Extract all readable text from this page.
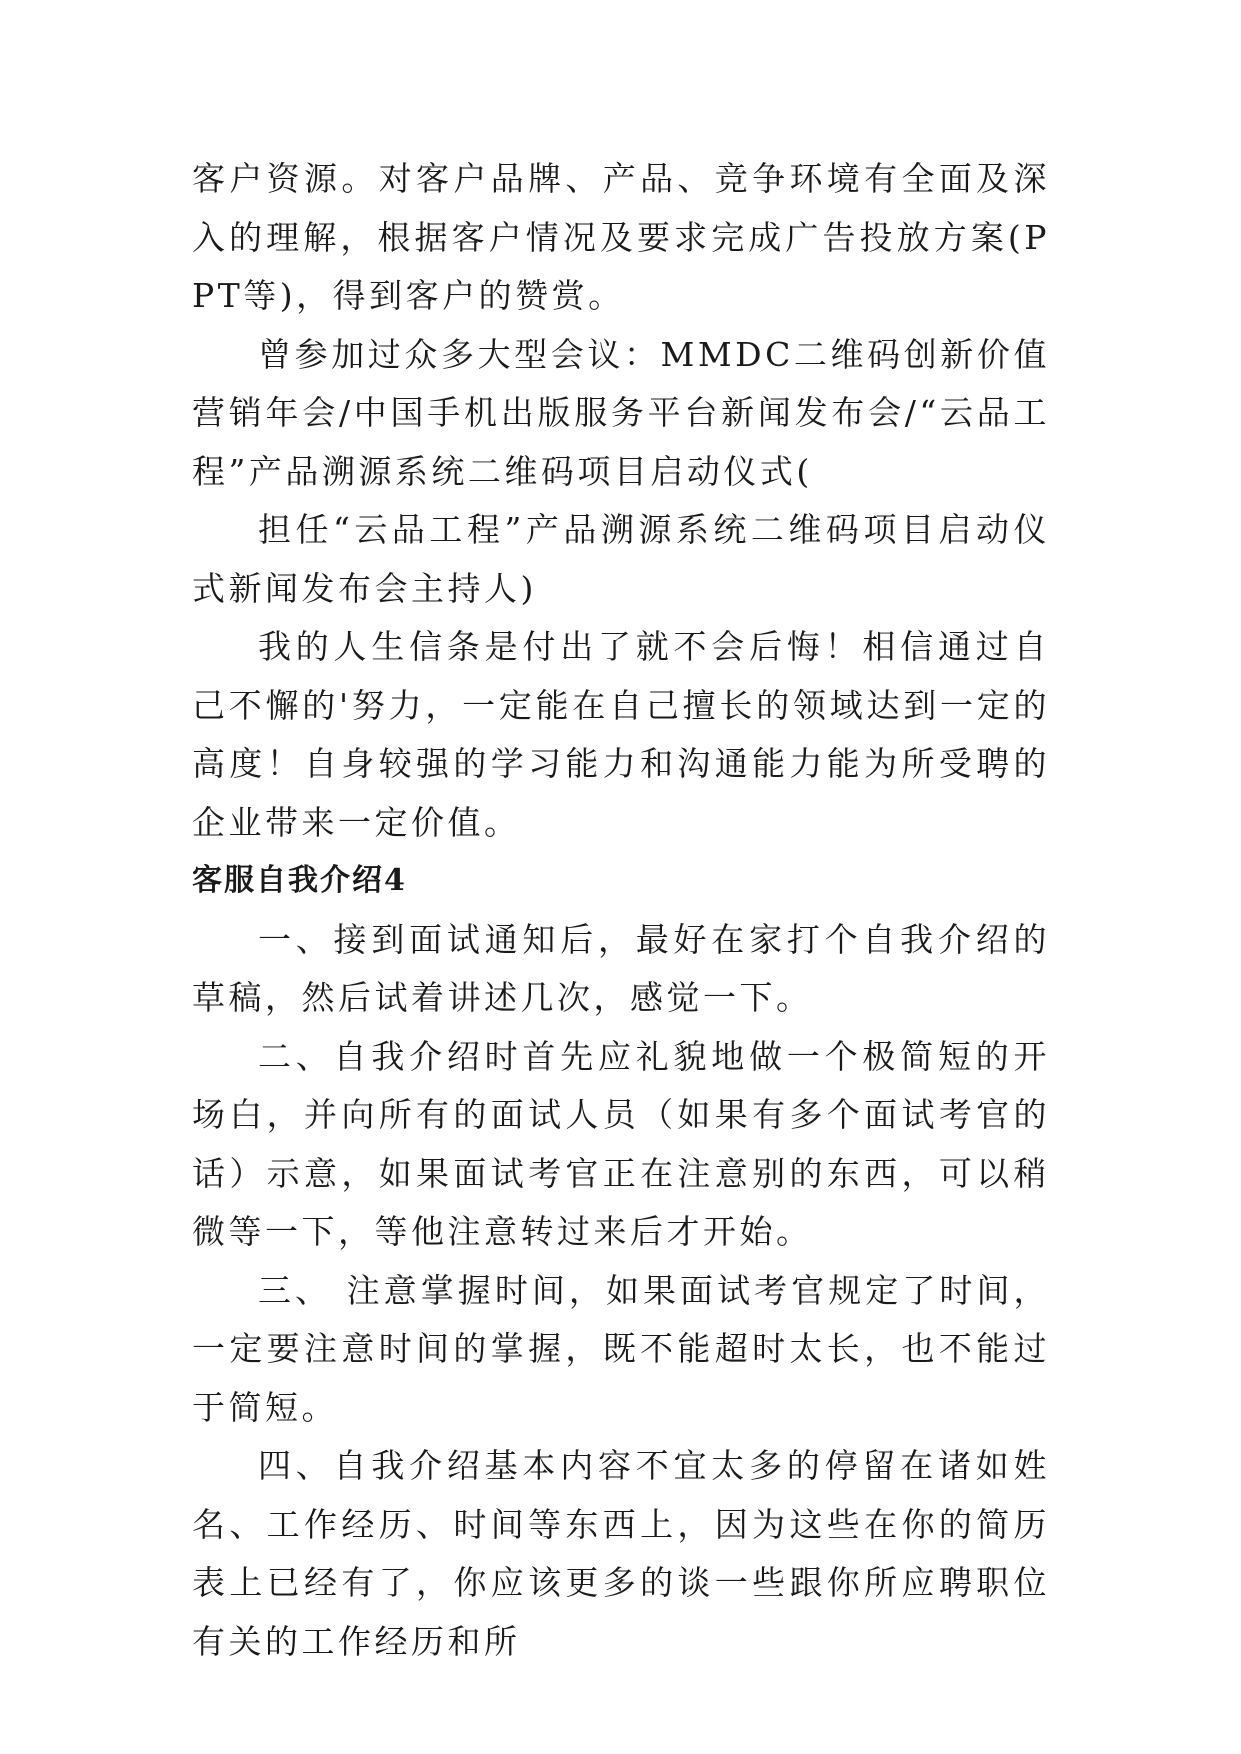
客户资源。对客户品牌、产品、竞争环境有全面及深入的理解，根据客户情况及要求完成广告投放方案(PPT等)，得到客户的赞赏。

曾参加过众多大型会议：MMDC二维码创新价值营销年会/中国手机出版服务平台新闻发布会/“云品工程”产品溯源系统二维码项目启动仪式(

担任“云品工程”产品溯源系统二维码项目启动仪式新闻发布会主持人)

我的人生信条是付出了就不会后悔！相信通过自己不懈的'努力，一定能在自己擅长的领域达到一定的高度！自身较强的学习能力和沟通能力能为所受聘的企业带来一定价值。

客服自我介绍4

一、接到面试通知后，最好在家打个自我介绍的草稿，然后试着讲述几次，感觉一下。

二、自我介绍时首先应礼貌地做一个极简短的开场白，并向所有的面试人员（如果有多个面试考官的话）示意，如果面试考官正在注意别的东西，可以稍微等一下，等他注意转过来后才开始。

三、 注意掌握时间，如果面试考官规定了时间，一定要注意时间的掌握，既不能超时太长，也不能过于简短。

四、自我介绍基本内容不宜太多的停留在诸如姓名、工作经历、时间等东西上，因为这些在你的简历表上已经有了，你应该更多的谈一些跟你所应聘职位有关的工作经历和所
